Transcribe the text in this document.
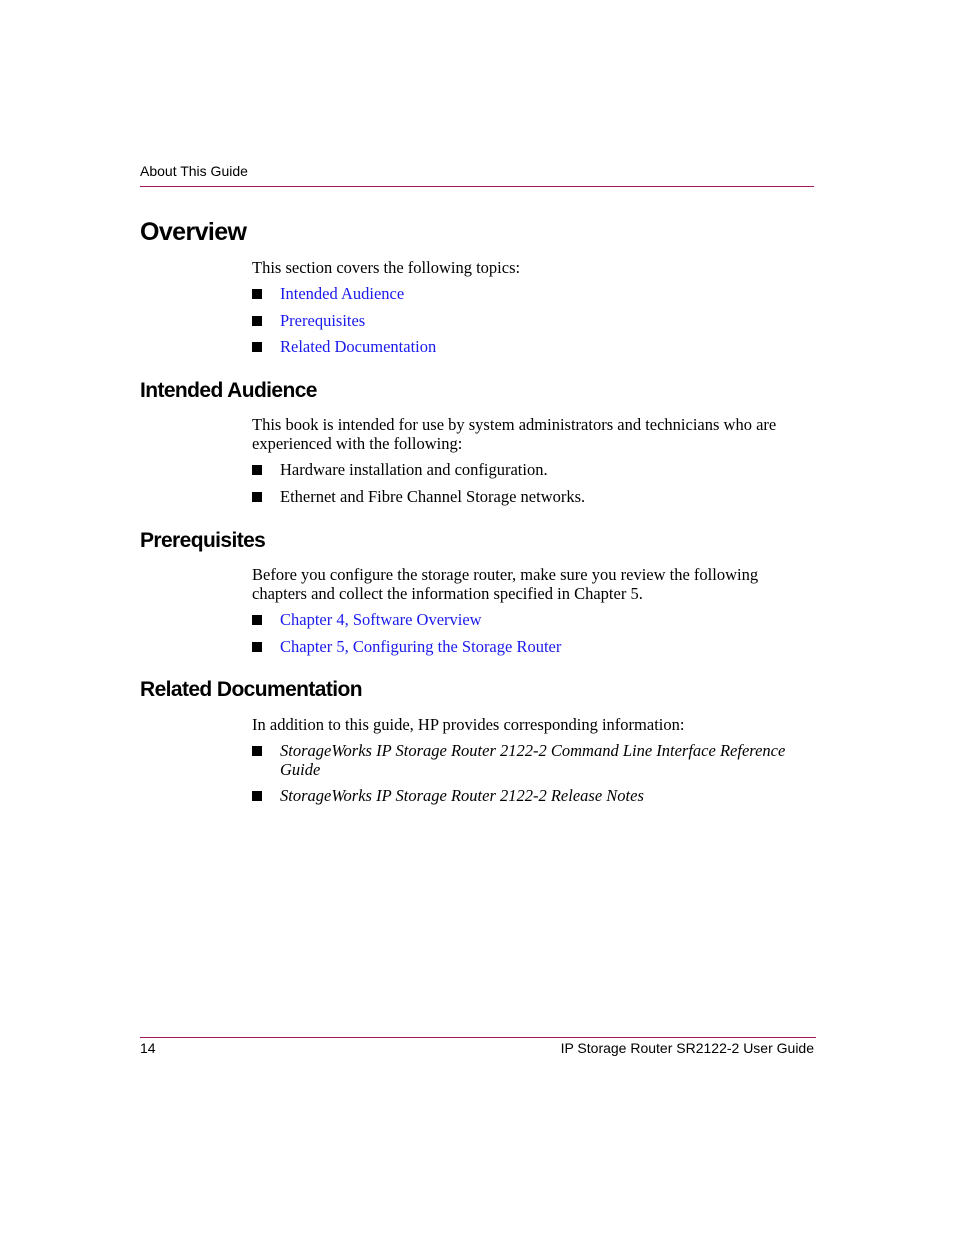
About This Guide
Overview

This section covers the following topics:

Intended Audience
Prerequisites
Related Documentation
Intended Audience

This book is intended for use by system administrators and technicians who are experienced with the following:

Hardware installation and configuration.
Ethernet and Fibre Channel Storage networks.
Prerequisites

Before you configure the storage router, make sure you review the following chapters and collect the information specified in Chapter 5.

Chapter 4, Software Overview
Chapter 5, Configuring the Storage Router
Related Documentation

In addition to this guide, HP provides corresponding information:

StorageWorks IP Storage Router 2122-2 Command Line Interface Reference Guide
StorageWorks IP Storage Router 2122-2 Release Notes
14	IP Storage Router SR2122-2 User Guide
